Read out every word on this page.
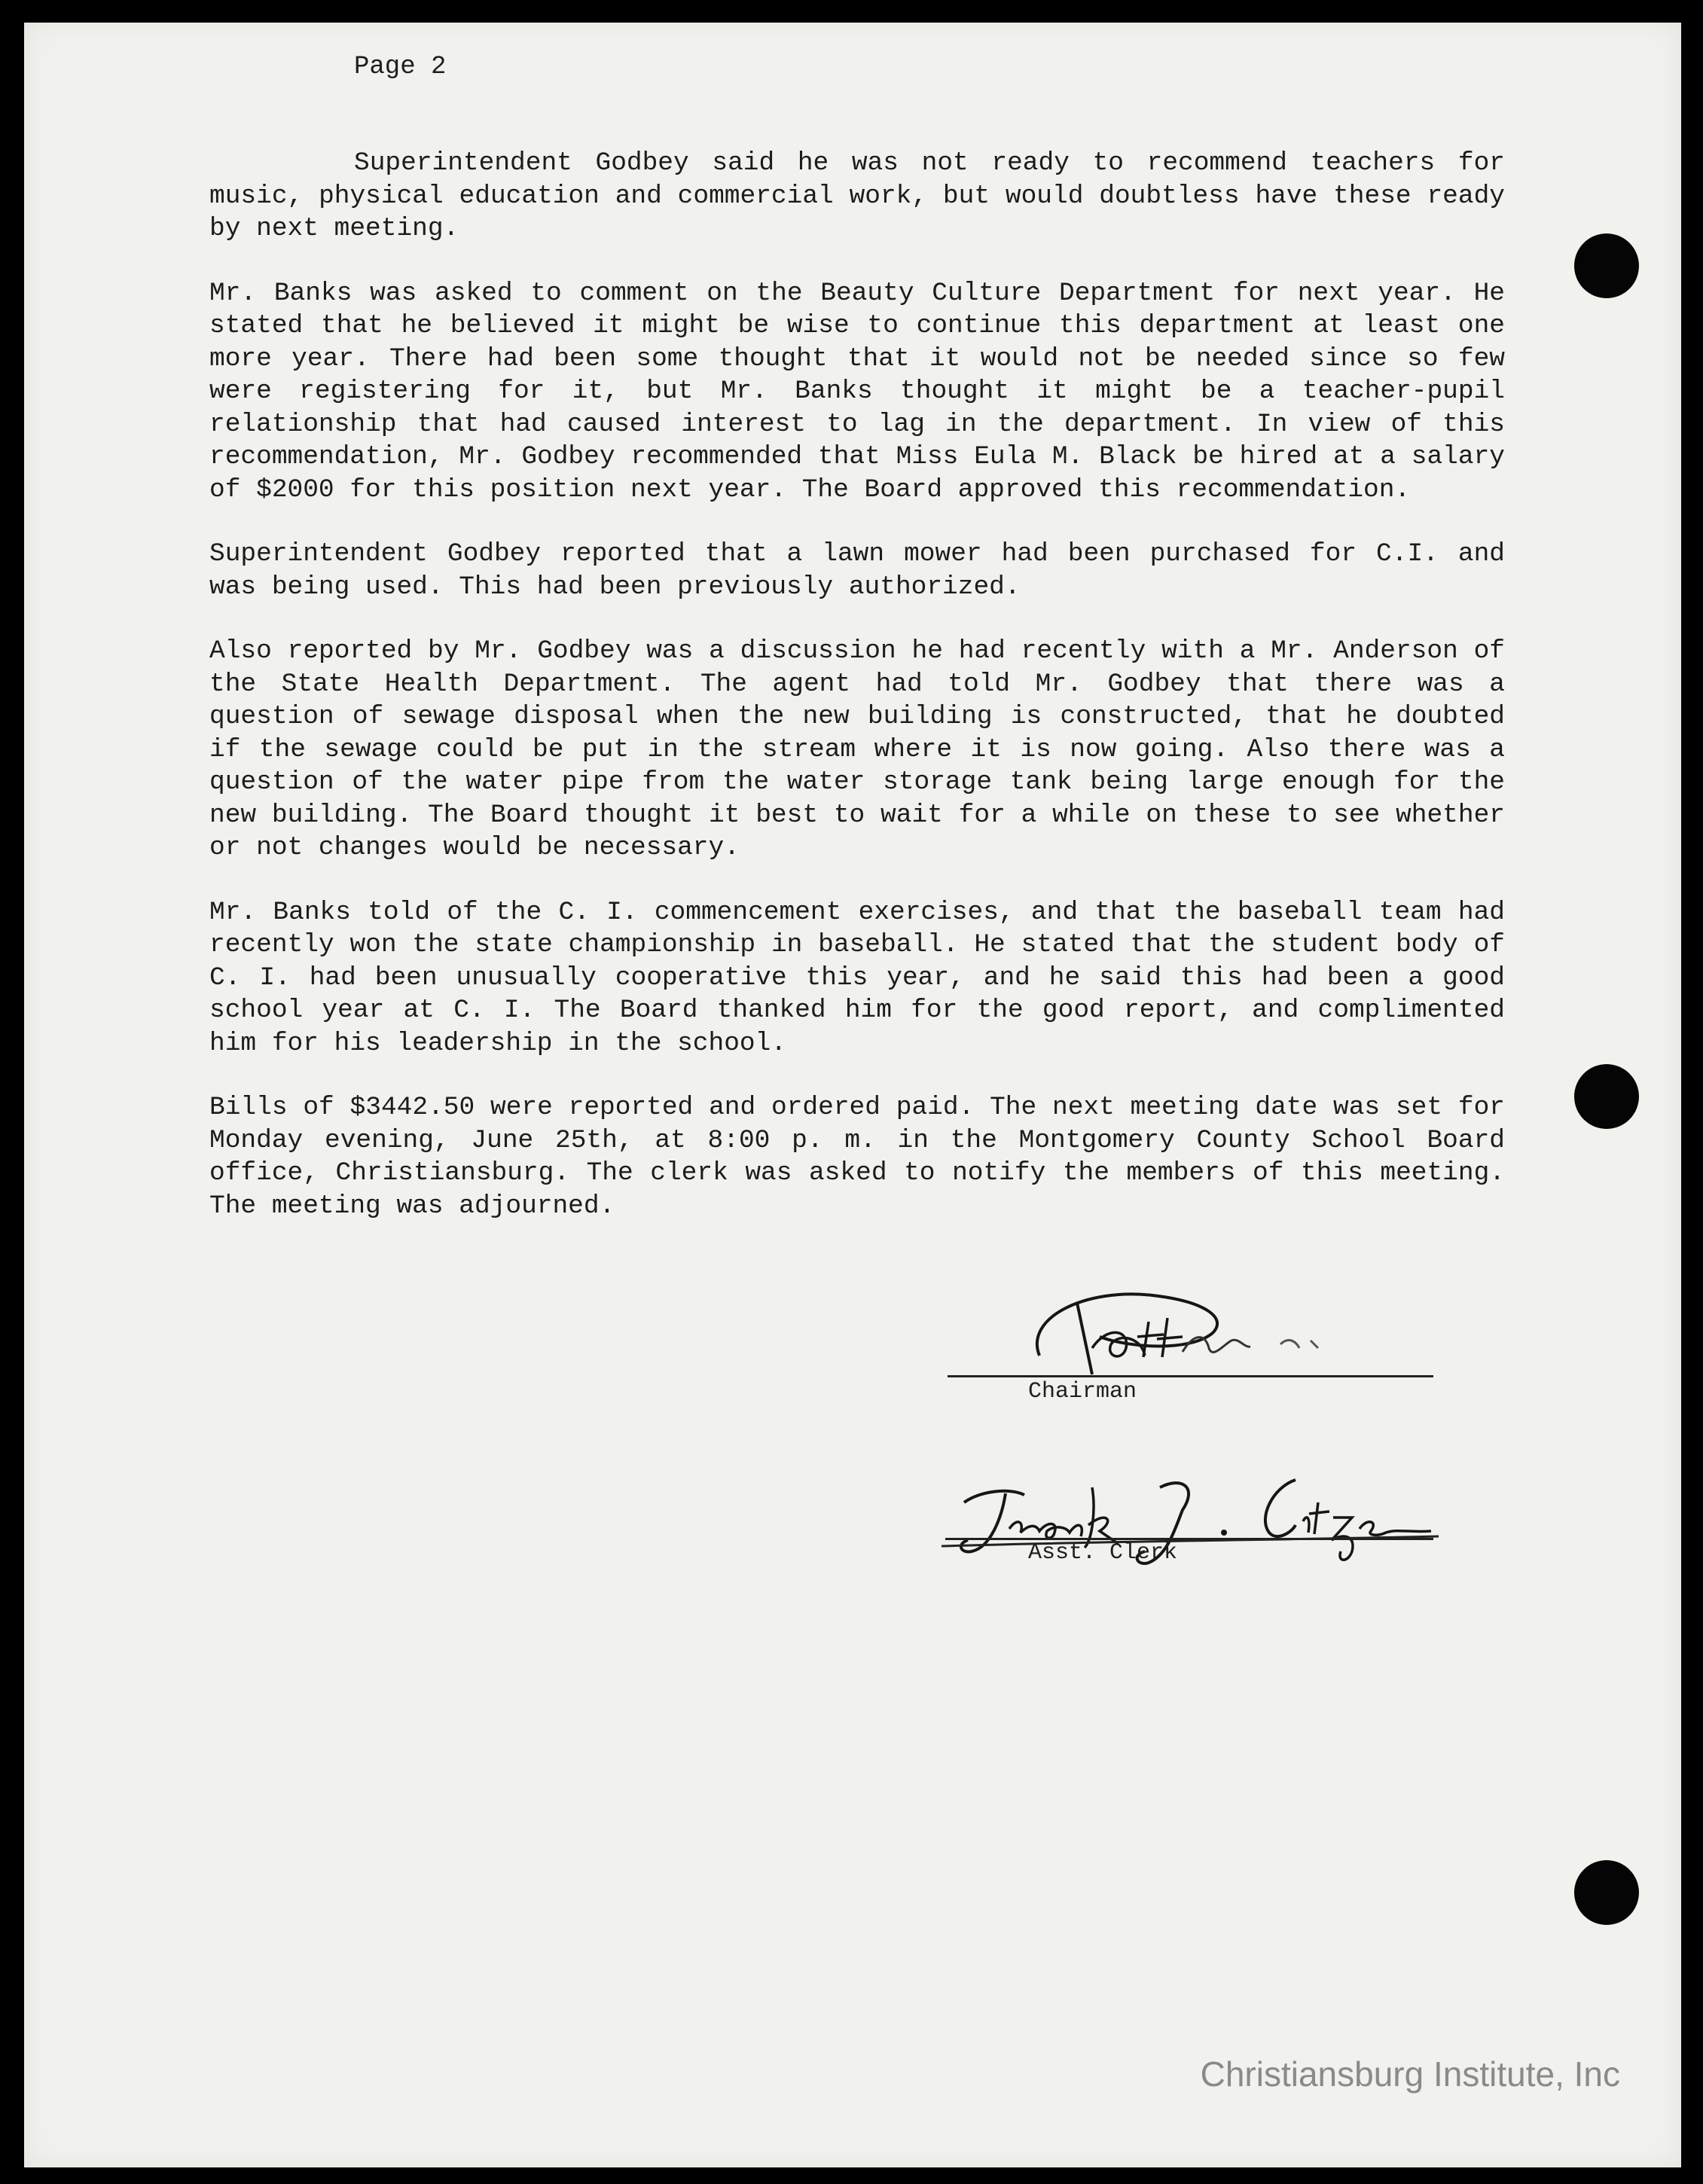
Page 2

Superintendent Godbey said he was not ready to recommend teachers for music, physical education and commercial work, but would doubtless have these ready by next meeting.

Mr. Banks was asked to comment on the Beauty Culture Department for next year. He stated that he believed it might be wise to continue this department at least one more year. There had been some thought that it would not be needed since so few were registering for it, but Mr. Banks thought it might be a teacher-pupil relationship that had caused interest to lag in the department. In view of this recommendation, Mr. Godbey recommended that Miss Eula M. Black be hired at a salary of $2000 for this position next year. The Board approved this recommendation.

Superintendent Godbey reported that a lawn mower had been purchased for C.I. and was being used. This had been previously authorized.

Also reported by Mr. Godbey was a discussion he had recently with a Mr. Anderson of the State Health Department. The agent had told Mr. Godbey that there was a question of sewage disposal when the new building is constructed, that he doubted if the sewage could be put in the stream where it is now going. Also there was a question of the water pipe from the water storage tank being large enough for the new building. The Board thought it best to wait for a while on these to see whether or not changes would be necessary.

Mr. Banks told of the C. I. commencement exercises, and that the baseball team had recently won the state championship in baseball. He stated that the student body of C. I. had been unusually cooperative this year, and he said this had been a good school year at C. I. The Board thanked him for the good report, and complimented him for his leadership in the school.

Bills of $3442.50 were reported and ordered paid. The next meeting date was set for Monday evening, June 25th, at 8:00 p. m. in the Montgomery County School Board office, Christiansburg. The clerk was asked to notify the members of this meeting. The meeting was adjourned.

Chairman
Asst. Clerk
Christiansburg Institute, Inc
